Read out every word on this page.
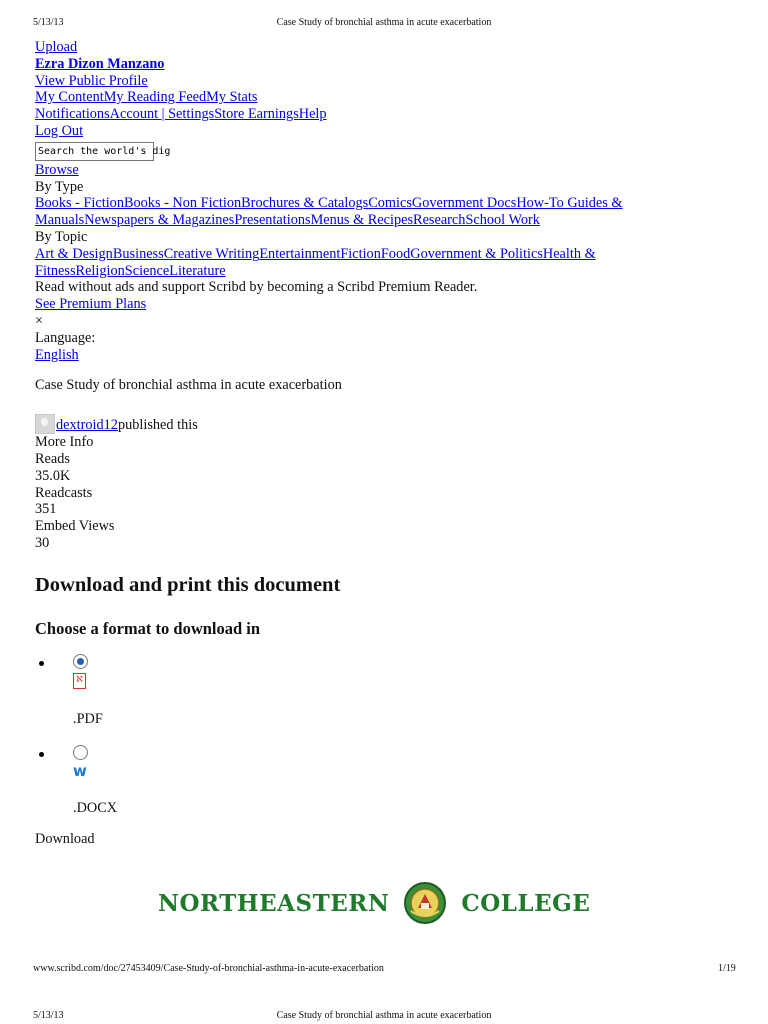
5/13/13	Case Study of bronchial asthma in acute exacerbation
Upload
Ezra Dizon Manzano
View Public Profile
My ContentMy Reading FeedMy Stats
NotificationsAccount | SettingsStore EarningsHelp
Log Out
Search the world's dig
Browse
By Type
Books - FictionBooks - Non FictionBrochures & CatalogsComicsGovernment DocsHow-To Guides & ManualsNewspapers & MagazinesPresentationsMenus & RecipesResearchSchool Work
By Topic
Art & DesignBusinessCreative WritingEntertainmentFictionFoodGovernment & PoliticsHealth & FitnessReligionScienceLiterature
Read without ads and support Scribd by becoming a Scribd Premium Reader.
See Premium Plans
×
Language:
English
Case Study of bronchial asthma in acute exacerbation
dextroid12 published this
More Info
Reads
35.0K
Readcasts
351
Embed Views
30
Download and print this document
Choose a format to download in
ℵ
.PDF
w
.DOCX
Download
NORTHEASTERN	COLLEGE
www.scribd.com/doc/27453409/Case-Study-of-bronchial-asthma-in-acute-exacerbation	1/19
5/13/13	Case Study of bronchial asthma in acute exacerbation
